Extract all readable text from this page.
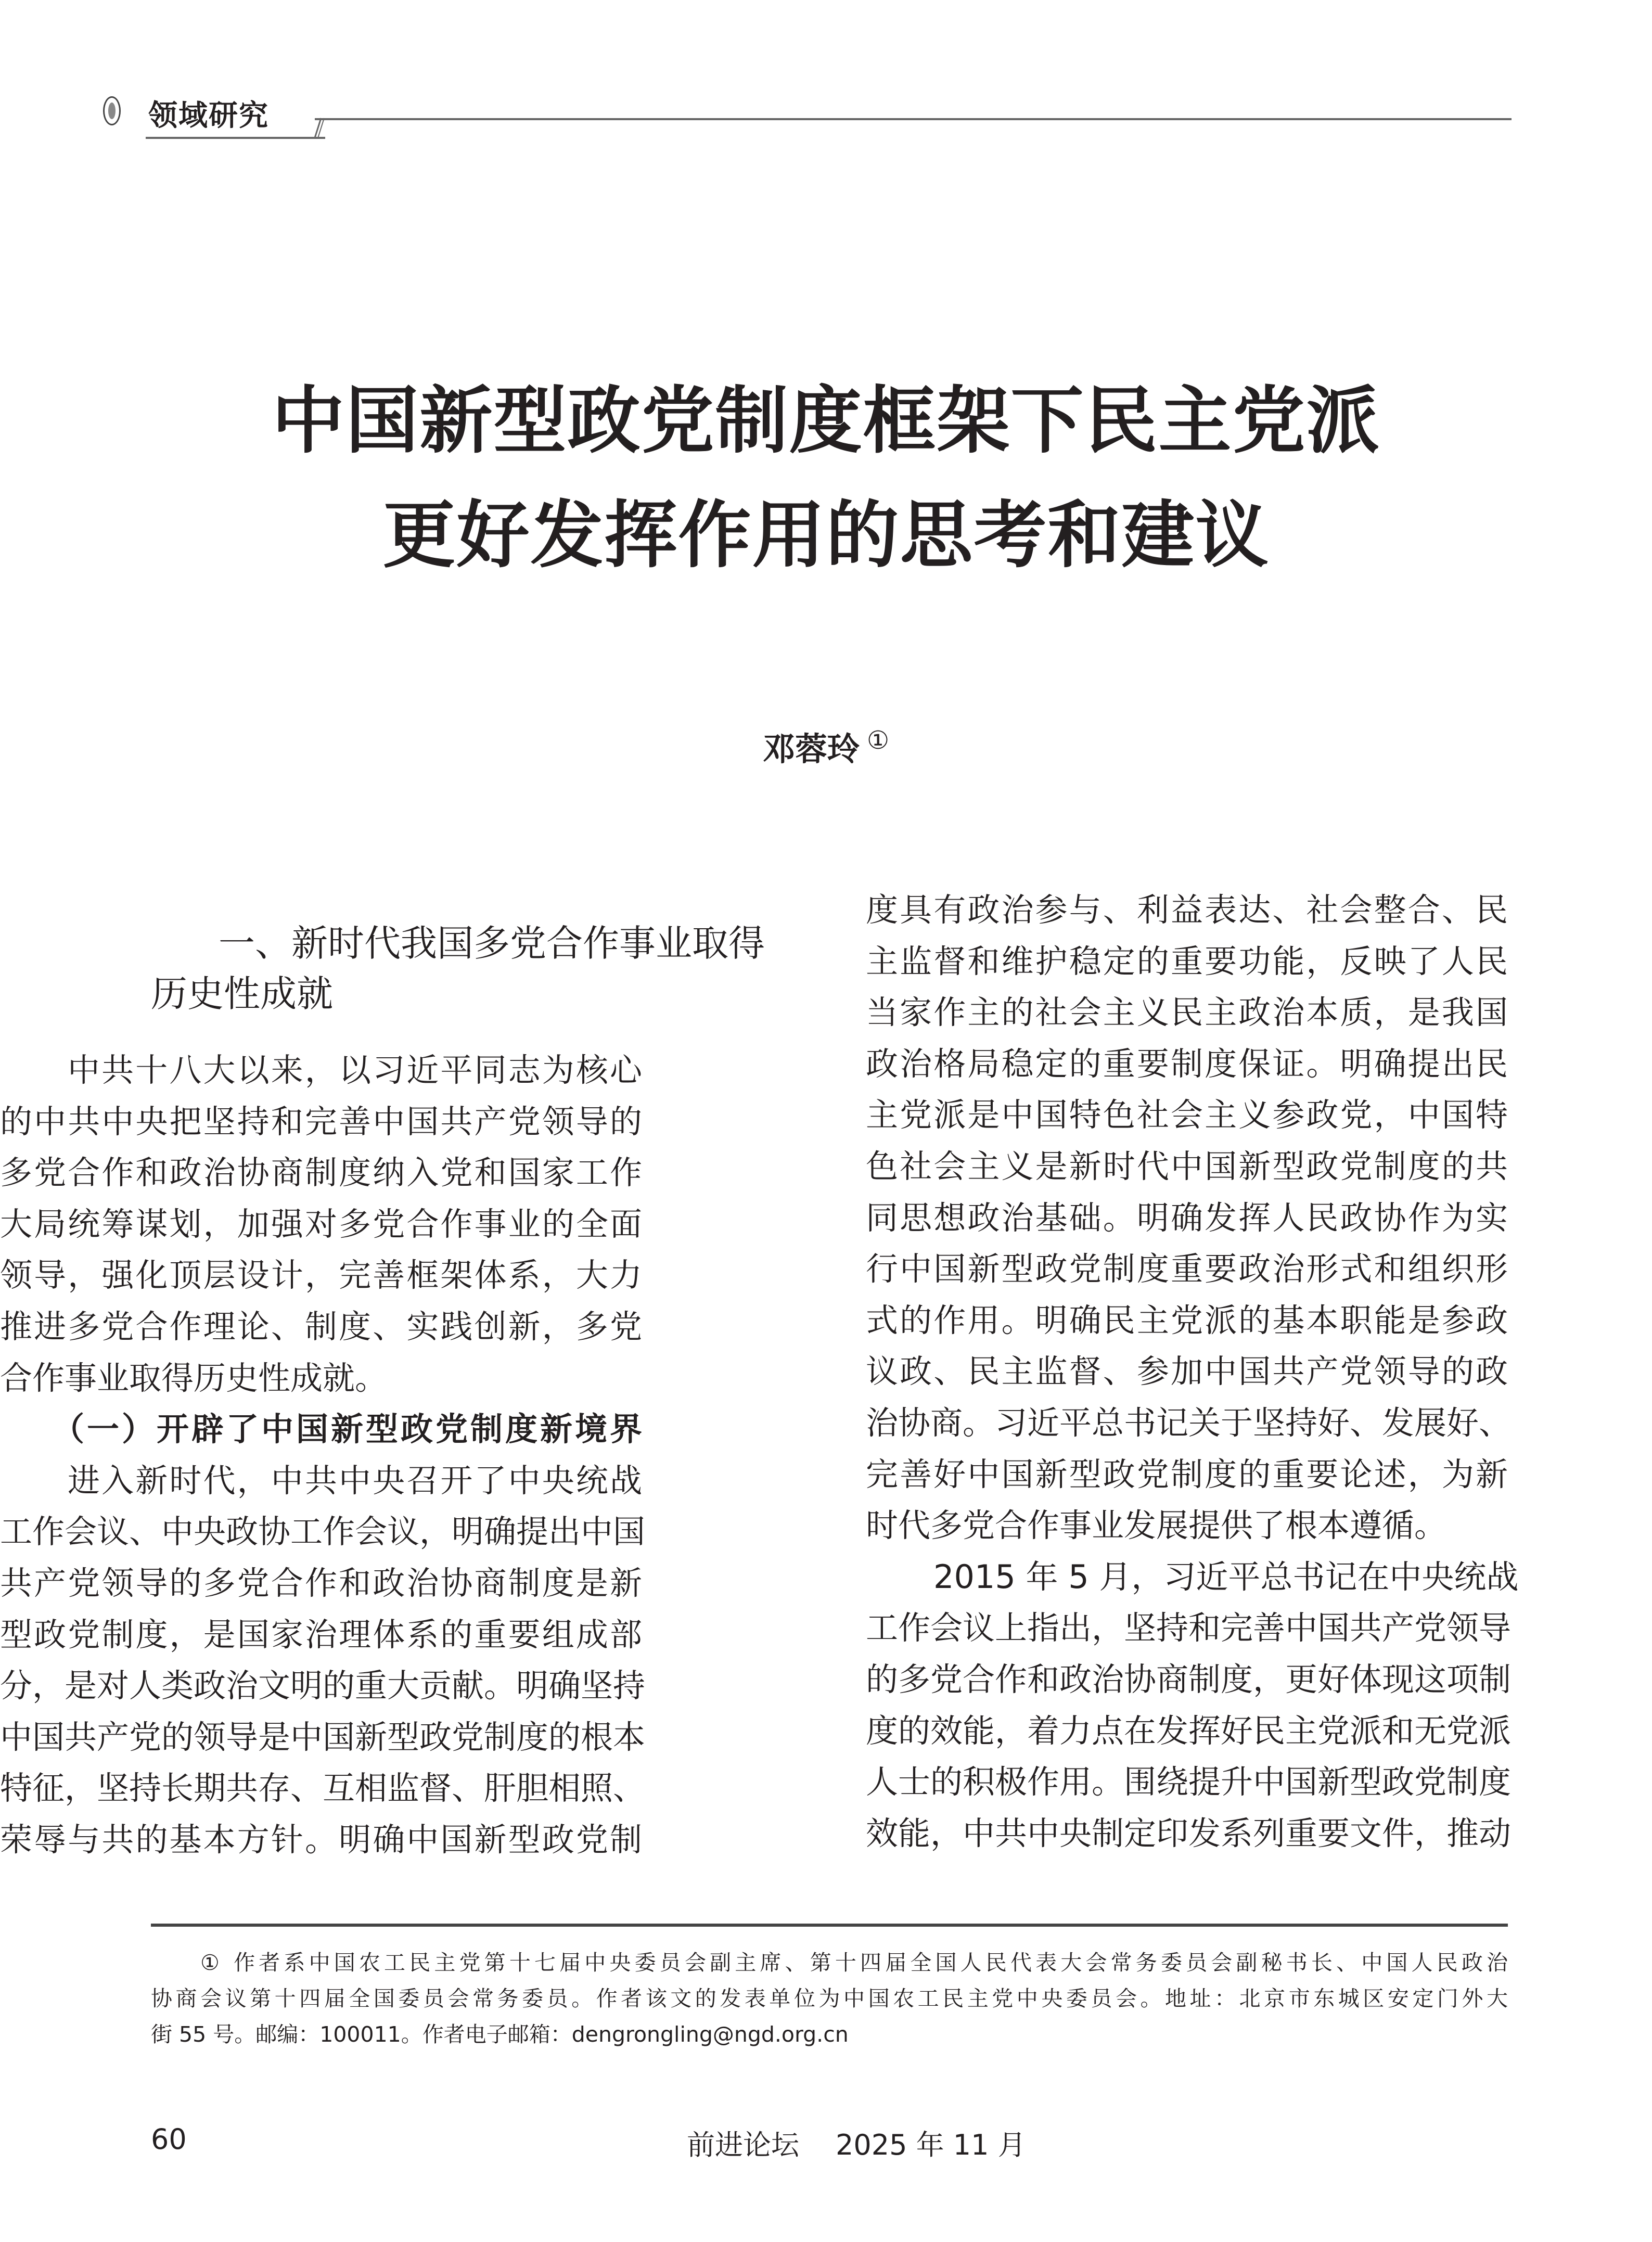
领域研究
中国新型政党制度框架下民主党派
更好发挥作用的思考和建议
邓蓉玲 ①
一、新时代我国多党合作事业取得
历史性成就
中共十八大以来，以习近平同志为核心
的中共中央把坚持和完善中国共产党领导的
多党合作和政治协商制度纳入党和国家工作
大局统筹谋划，加强对多党合作事业的全面
领导，强化顶层设计，完善框架体系，大力
推进多党合作理论、制度、实践创新，多党
合作事业取得历史性成就。
（一）开辟了中国新型政党制度新境界
进入新时代，中共中央召开了中央统战
工作会议、中央政协工作会议，明确提出中国
共产党领导的多党合作和政治协商制度是新
型政党制度，是国家治理体系的重要组成部
分，是对人类政治文明的重大贡献。明确坚持
中国共产党的领导是中国新型政党制度的根本
特征，坚持长期共存、互相监督、肝胆相照、
荣辱与共的基本方针。明确中国新型政党制
度具有政治参与、利益表达、社会整合、民
主监督和维护稳定的重要功能，反映了人民
当家作主的社会主义民主政治本质，是我国
政治格局稳定的重要制度保证。明确提出民
主党派是中国特色社会主义参政党，中国特
色社会主义是新时代中国新型政党制度的共
同思想政治基础。明确发挥人民政协作为实
行中国新型政党制度重要政治形式和组织形
式的作用。明确民主党派的基本职能是参政
议政、民主监督、参加中国共产党领导的政
治协商。习近平总书记关于坚持好、发展好、
完善好中国新型政党制度的重要论述，为新
时代多党合作事业发展提供了根本遵循。
2015 年 5 月，习近平总书记在中央统战
工作会议上指出，坚持和完善中国共产党领导
的多党合作和政治协商制度，更好体现这项制
度的效能，着力点在发挥好民主党派和无党派
人士的积极作用。围绕提升中国新型政党制度
效能，中共中央制定印发系列重要文件，推动
① 作者系中国农工民主党第十七届中央委员会副主席、第十四届全国人民代表大会常务委员会副秘书长、中国人民政治
协商会议第十四届全国委员会常务委员。作者该文的发表单位为中国农工民主党中央委员会。地址：北京市东城区安定门外大
街 55 号。邮编：100011。作者电子邮箱：dengrongling@ngd.org.cn
60	前进论坛 2025 年 11 月
